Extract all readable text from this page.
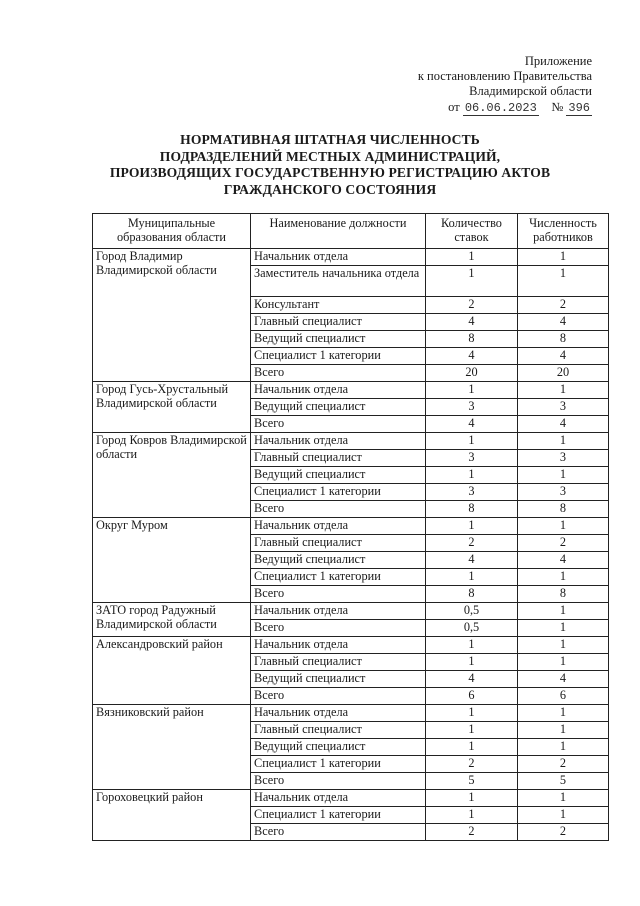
Приложение
к постановлению Правительства
Владимирской области
от 06.06.2023 № 396
НОРМАТИВНАЯ ШТАТНАЯ ЧИСЛЕННОСТЬ
ПОДРАЗДЕЛЕНИЙ МЕСТНЫХ АДМИНИСТРАЦИЙ,
ПРОИЗВОДЯЩИХ ГОСУДАРСТВЕННУЮ РЕГИСТРАЦИЮ АКТОВ
ГРАЖДАНСКОГО СОСТОЯНИЯ
Муниципальные образования области	Наименование должности	Количество ставок	Численность работников
Город Владимир Владимирской области	Начальник отдела	1	1
	Заместитель начальника отдела	1	1
	Консультант	2	2
	Главный специалист	4	4
	Ведущий специалист	8	8
	Специалист 1 категории	4	4
	Всего	20	20
Город Гусь-Хрустальный Владимирской области	Начальник отдела	1	1
	Ведущий специалист	3	3
	Всего	4	4
Город Ковров Владимирской области	Начальник отдела	1	1
	Главный специалист	3	3
	Ведущий специалист	1	1
	Специалист 1 категории	3	3
	Всего	8	8
Округ Муром	Начальник отдела	1	1
	Главный специалист	2	2
	Ведущий специалист	4	4
	Специалист 1 категории	1	1
	Всего	8	8
ЗАТО город Радужный Владимирской области	Начальник отдела	0,5	1
	Всего	0,5	1
Александровский район	Начальник отдела	1	1
	Главный специалист	1	1
	Ведущий специалист	4	4
	Всего	6	6
Вязниковский район	Начальник отдела	1	1
	Главный специалист	1	1
	Ведущий специалист	1	1
	Специалист 1 категории	2	2
	Всего	5	5
Гороховецкий район	Начальник отдела	1	1
	Специалист 1 категории	1	1
	Всего	2	2
